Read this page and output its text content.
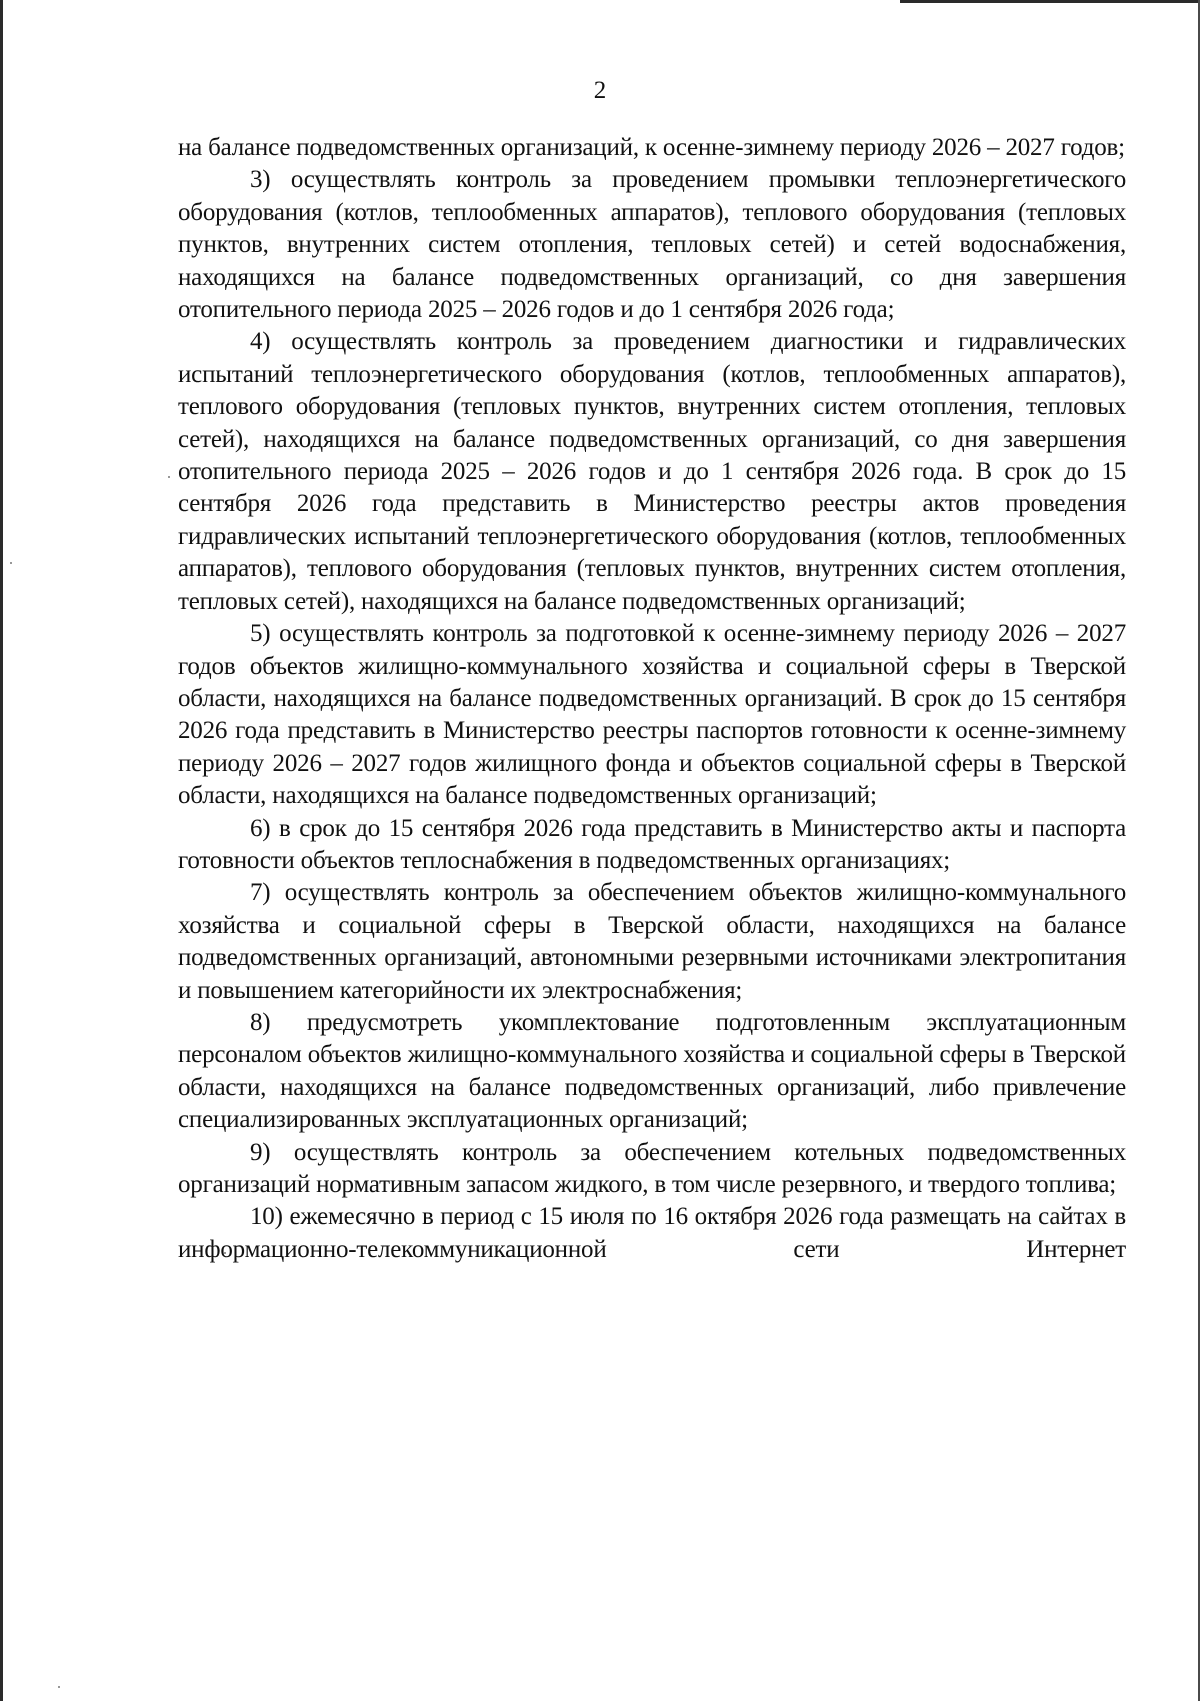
2

на балансе подведомственных организаций, к осенне-зимнему периоду 2026 – 2027 годов;

3) осуществлять контроль за проведением промывки теплоэнергетического оборудования (котлов, теплообменных аппаратов), теплового оборудования (тепловых пунктов, внутренних систем отопления, тепловых сетей) и сетей водоснабжения, находящихся на балансе подведомственных организаций, со дня завершения отопительного периода 2025 – 2026 годов и до 1 сентября 2026 года;

4) осуществлять контроль за проведением диагностики и гидравлических испытаний теплоэнергетического оборудования (котлов, теплообменных аппаратов), теплового оборудования (тепловых пунктов, внутренних систем отопления, тепловых сетей), находящихся на балансе подведомственных организаций, со дня завершения отопительного периода 2025 – 2026 годов и до 1 сентября 2026 года. В срок до 15 сентября 2026 года представить в Министерство реестры актов проведения гидравлических испытаний теплоэнергетического оборудования (котлов, теплообменных аппаратов), теплового оборудования (тепловых пунктов, внутренних систем отопления, тепловых сетей), находящихся на балансе подведомственных организаций;

5) осуществлять контроль за подготовкой к осенне-зимнему периоду 2026 – 2027 годов объектов жилищно-коммунального хозяйства и социальной сферы в Тверской области, находящихся на балансе подведомственных организаций. В срок до 15 сентября 2026 года представить в Министерство реестры паспортов готовности к осенне-зимнему периоду 2026 – 2027 годов жилищного фонда и объектов социальной сферы в Тверской области, находящихся на балансе подведомственных организаций;

6) в срок до 15 сентября 2026 года представить в Министерство акты и паспорта готовности объектов теплоснабжения в подведомственных организациях;

7) осуществлять контроль за обеспечением объектов жилищно-коммунального хозяйства и социальной сферы в Тверской области, находящихся на балансе подведомственных организаций, автономными резервными источниками электропитания и повышением категорийности их электроснабжения;

8) предусмотреть укомплектование подготовленным эксплуатационным персоналом объектов жилищно-коммунального хозяйства и социальной сферы в Тверской области, находящихся на балансе подведомственных организаций, либо привлечение специализированных эксплуатационных организаций;

9) осуществлять контроль за обеспечением котельных подведомственных организаций нормативным запасом жидкого, в том числе резервного, и твердого топлива;

10) ежемесячно в период с 15 июля по 16 октября 2026 года размещать на сайтах в информационно-телекоммуникационной сети Интернет
